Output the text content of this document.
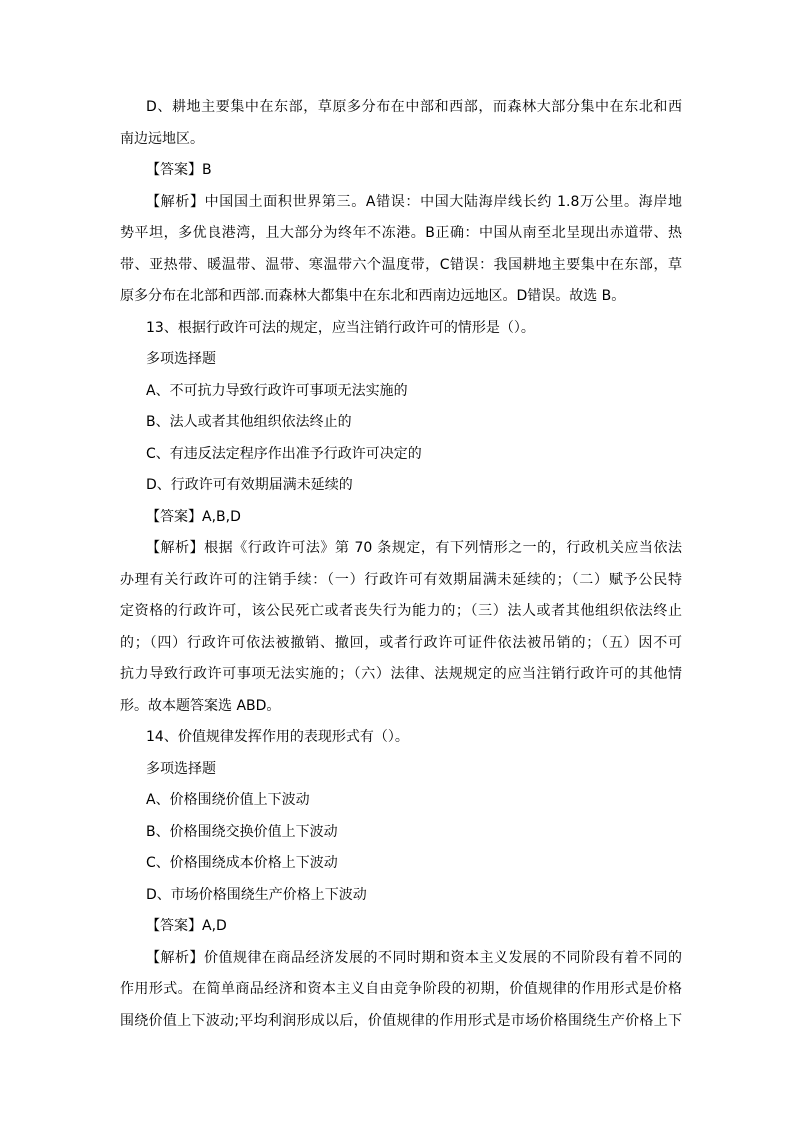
D、耕地主要集中在东部，草原多分布在中部和西部，而森林大部分集中在东北和西
南边远地区。
【答案】B
【解析】中国国土面积世界第三。A错误：中国大陆海岸线长约 1.8万公里。海岸地
势平坦，多优良港湾，且大部分为终年不冻港。B正确：中国从南至北呈现出赤道带、热
带、亚热带、暖温带、温带、寒温带六个温度带，C错误：我国耕地主要集中在东部，草
原多分布在北部和西部.而森林大都集中在东北和西南边远地区。D错误。故选 B。
13、根据行政许可法的规定，应当注销行政许可的情形是（）。
多项选择题
A、不可抗力导致行政许可事项无法实施的
B、法人或者其他组织依法终止的
C、有违反法定程序作出准予行政许可决定的
D、行政许可有效期届满未延续的
【答案】A,B,D
【解析】根据《行政许可法》第 70 条规定，有下列情形之一的，行政机关应当依法
办理有关行政许可的注销手续：（一）行政许可有效期届满未延续的；（二）赋予公民特
定资格的行政许可，该公民死亡或者丧失行为能力的；（三）法人或者其他组织依法终止
的；（四）行政许可依法被撤销、撤回，或者行政许可证件依法被吊销的；（五）因不可
抗力导致行政许可事项无法实施的；（六）法律、法规规定的应当注销行政许可的其他情
形。故本题答案选 ABD。
14、价值规律发挥作用的表现形式有（）。
多项选择题
A、价格围绕价值上下波动
B、价格围绕交换价值上下波动
C、价格围绕成本价格上下波动
D、市场价格围绕生产价格上下波动
【答案】A,D
【解析】价值规律在商品经济发展的不同时期和资本主义发展的不同阶段有着不同的
作用形式。在简单商品经济和资本主义自由竞争阶段的初期，价值规律的作用形式是价格
围绕价值上下波动;平均利润形成以后，价值规律的作用形式是市场价格围绕生产价格上下
